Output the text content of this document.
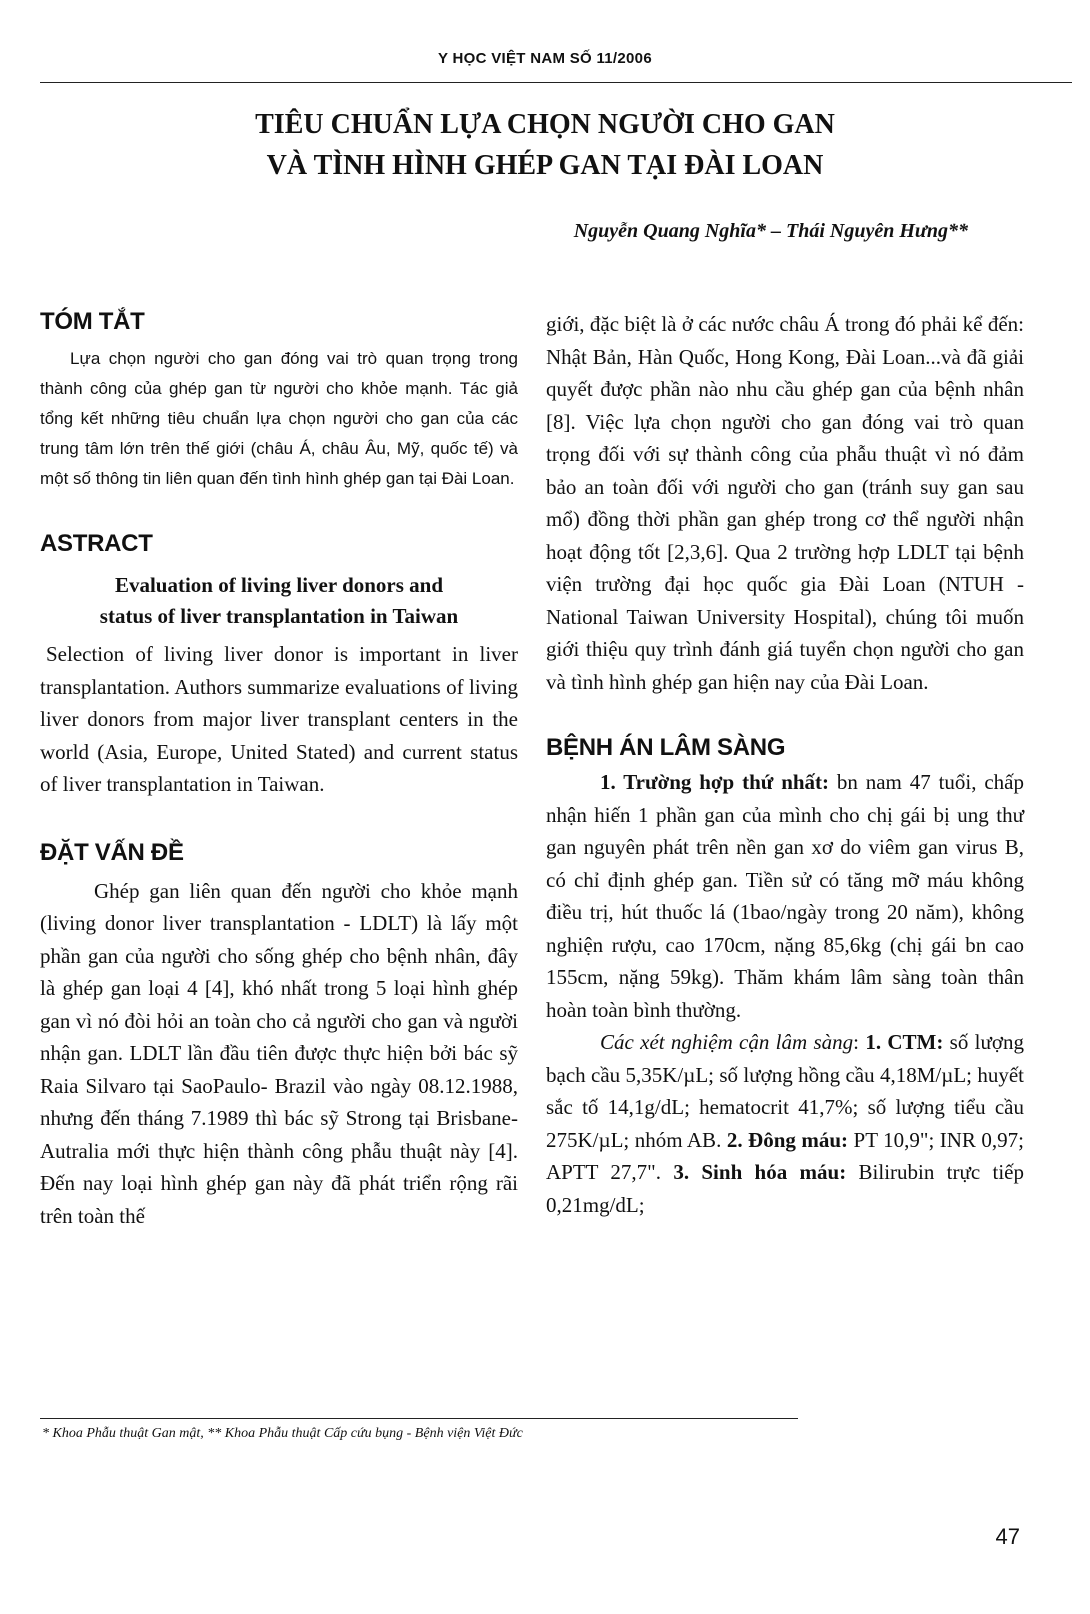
Y HỌC VIỆT NAM SỐ 11/2006
TIÊU CHUẨN LỰA CHỌN NGƯỜI CHO GAN
VÀ TÌNH HÌNH GHÉP GAN TẠI ĐÀI LOAN
Nguyễn Quang Nghĩa* – Thái Nguyên Hưng**
TÓM TẮT

Lựa chọn người cho gan đóng vai trò quan trọng trong thành công của ghép gan từ người cho khỏe mạnh. Tác giả tổng kết những tiêu chuẩn lựa chọn người cho gan của các trung tâm lớn trên thế giới (châu Á, châu Âu, Mỹ, quốc tế) và một số thông tin liên quan đến tình hình ghép gan tại Đài Loan.

ASTRACT
Evaluation of living liver donors and
status of liver transplantation in Taiwan

Selection of living liver donor is important in liver transplantation. Authors summarize evaluations of living liver donors from major liver transplant centers in the world (Asia, Europe, United Stated) and current status of liver transplantation in Taiwan.

ĐẶT VẤN ĐỀ

Ghép gan liên quan đến người cho khỏe mạnh (living donor liver transplantation - LDLT) là lấy một phần gan của người cho sống ghép cho bệnh nhân, đây là ghép gan loại 4 [4], khó nhất trong 5 loại hình ghép gan vì nó đòi hỏi an toàn cho cả người cho gan và người nhận gan. LDLT lần đầu tiên được thực hiện bởi bác sỹ Raia Silvaro tại SaoPaulo- Brazil vào ngày 08.12.1988, nhưng đến tháng 7.1989 thì bác sỹ Strong tại Brisbane- Autralia mới thực hiện thành công phẫu thuật này [4]. Đến nay loại hình ghép gan này đã phát triển rộng rãi trên toàn thế

giới, đặc biệt là ở các nước châu Á trong đó phải kể đến: Nhật Bản, Hàn Quốc, Hong Kong, Đài Loan...và đã giải quyết được phần nào nhu cầu ghép gan của bệnh nhân [8]. Việc lựa chọn người cho gan đóng vai trò quan trọng đối với sự thành công của phẫu thuật vì nó đảm bảo an toàn đối với người cho gan (tránh suy gan sau mổ) đồng thời phần gan ghép trong cơ thể người nhận hoạt động tốt [2,3,6]. Qua 2 trường hợp LDLT tại bệnh viện trường đại học quốc gia Đài Loan (NTUH - National Taiwan University Hospital), chúng tôi muốn giới thiệu quy trình đánh giá tuyển chọn người cho gan và tình hình ghép gan hiện nay của Đài Loan.

BỆNH ÁN LÂM SÀNG

1. Trường hợp thứ nhất: bn nam 47 tuổi, chấp nhận hiến 1 phần gan của mình cho chị gái bị ung thư gan nguyên phát trên nền gan xơ do viêm gan virus B, có chỉ định ghép gan. Tiền sử có tăng mỡ máu không điều trị, hút thuốc lá (1bao/ngày trong 20 năm), không nghiện rượu, cao 170cm, nặng 85,6kg (chị gái bn cao 155cm, nặng 59kg). Thăm khám lâm sàng toàn thân hoàn toàn bình thường.

Các xét nghiệm cận lâm sàng: 1. CTM: số lượng bạch cầu 5,35K/µL; số lượng hồng cầu 4,18M/µL; huyết sắc tố 14,1g/dL; hematocrit 41,7%; số lượng tiểu cầu 275K/µL; nhóm AB. 2. Đông máu: PT 10,9"; INR 0,97; APTT 27,7". 3. Sinh hóa máu: Bilirubin trực tiếp 0,21mg/dL;

* Khoa Phẫu thuật Gan mật, ** Khoa Phẫu thuật Cấp cứu bụng - Bệnh viện Việt Đức
47
